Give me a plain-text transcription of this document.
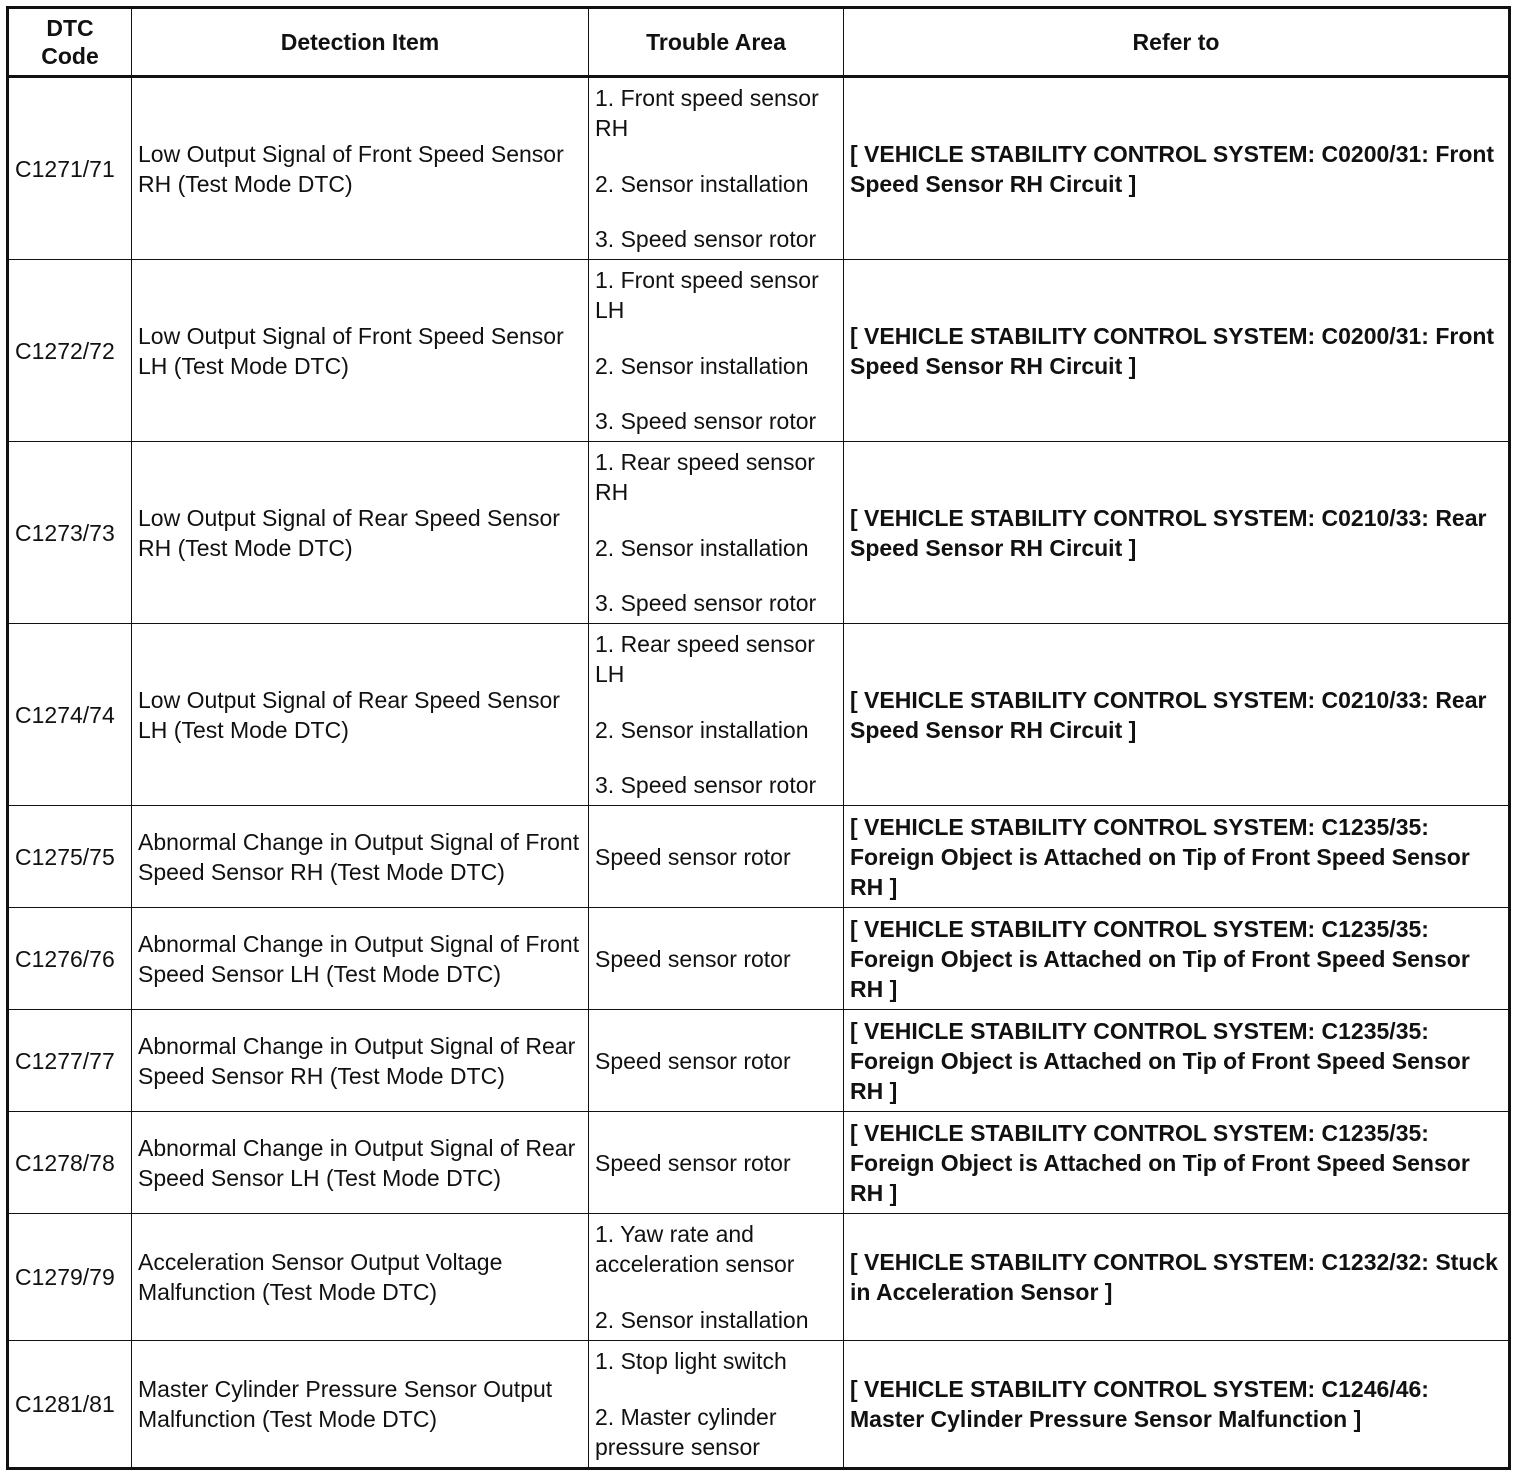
DTC Code	Detection Item	Trouble Area	Refer to
C1271/71	Low Output Signal of Front Speed Sensor RH (Test Mode DTC)	1. Front speed sensor RH
2. Sensor installation
3. Speed sensor rotor	[ VEHICLE STABILITY CONTROL SYSTEM: C0200/31: Front Speed Sensor RH Circuit ]
C1272/72	Low Output Signal of Front Speed Sensor LH (Test Mode DTC)	1. Front speed sensor LH
2. Sensor installation
3. Speed sensor rotor	[ VEHICLE STABILITY CONTROL SYSTEM: C0200/31: Front Speed Sensor RH Circuit ]
C1273/73	Low Output Signal of Rear Speed Sensor RH (Test Mode DTC)	1. Rear speed sensor RH
2. Sensor installation
3. Speed sensor rotor	[ VEHICLE STABILITY CONTROL SYSTEM: C0210/33: Rear Speed Sensor RH Circuit ]
C1274/74	Low Output Signal of Rear Speed Sensor LH (Test Mode DTC)	1. Rear speed sensor LH
2. Sensor installation
3. Speed sensor rotor	[ VEHICLE STABILITY CONTROL SYSTEM: C0210/33: Rear Speed Sensor RH Circuit ]
C1275/75	Abnormal Change in Output Signal of Front Speed Sensor RH (Test Mode DTC)	Speed sensor rotor	[ VEHICLE STABILITY CONTROL SYSTEM: C1235/35: Foreign Object is Attached on Tip of Front Speed Sensor RH ]
C1276/76	Abnormal Change in Output Signal of Front Speed Sensor LH (Test Mode DTC)	Speed sensor rotor	[ VEHICLE STABILITY CONTROL SYSTEM: C1235/35: Foreign Object is Attached on Tip of Front Speed Sensor RH ]
C1277/77	Abnormal Change in Output Signal of Rear Speed Sensor RH (Test Mode DTC)	Speed sensor rotor	[ VEHICLE STABILITY CONTROL SYSTEM: C1235/35: Foreign Object is Attached on Tip of Front Speed Sensor RH ]
C1278/78	Abnormal Change in Output Signal of Rear Speed Sensor LH (Test Mode DTC)	Speed sensor rotor	[ VEHICLE STABILITY CONTROL SYSTEM: C1235/35: Foreign Object is Attached on Tip of Front Speed Sensor RH ]
C1279/79	Acceleration Sensor Output Voltage Malfunction (Test Mode DTC)	1. Yaw rate and acceleration sensor
2. Sensor installation	[ VEHICLE STABILITY CONTROL SYSTEM: C1232/32: Stuck in Acceleration Sensor ]
C1281/81	Master Cylinder Pressure Sensor Output Malfunction (Test Mode DTC)	1. Stop light switch
2. Master cylinder pressure sensor	[ VEHICLE STABILITY CONTROL SYSTEM: C1246/46: Master Cylinder Pressure Sensor Malfunction ]
